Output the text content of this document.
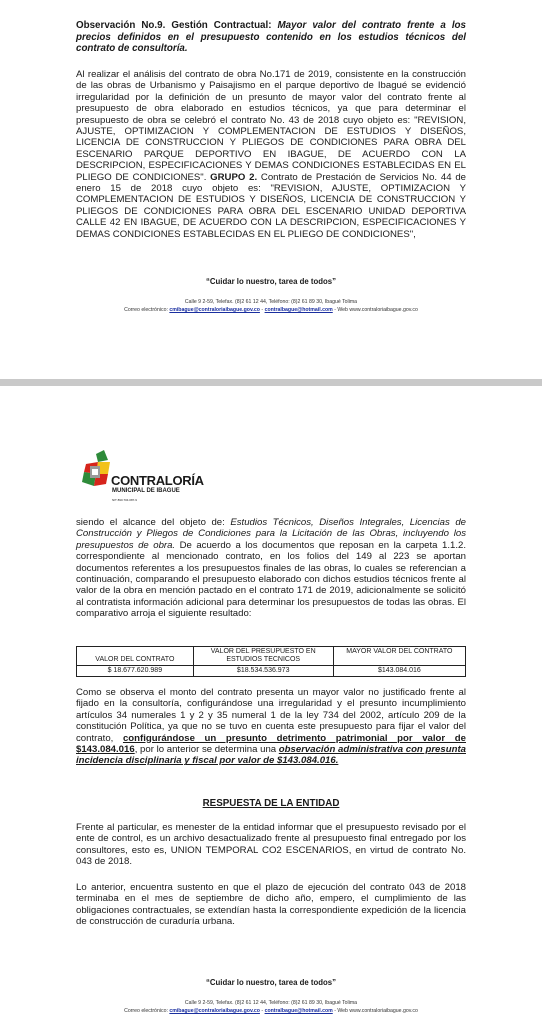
Observación No.9. Gestión Contractual: Mayor valor del contrato frente a los precios definidos en el presupuesto contenido en los estudios técnicos del contrato de consultoría.

Al realizar el análisis del contrato de obra No.171 de 2019, consistente en la construcción de las obras de Urbanismo y Paisajismo en el parque deportivo de Ibagué se evidenció irregularidad por la definición de un presunto de mayor valor del contrato frente al presupuesto de obra elaborado en estudios técnicos, ya que para determinar el presupuesto de obra se celebró el contrato No. 43 de 2018 cuyo objeto es: "REVISION, AJUSTE, OPTIMIZACION Y COMPLEMENTACION DE ESTUDIOS Y DISEÑOS, LICENCIA DE CONSTRUCCION Y PLIEGOS DE CONDICIONES PARA OBRA DEL ESCENARIO PARQUE DEPORTIVO EN IBAGUE, DE ACUERDO CON LA DESCRIPCION, ESPECIFICACIONES Y DEMAS CONDICIONES ESTABLECIDAS EN EL PLIEGO DE CONDICIONES". GRUPO 2. Contrato de Prestación de Servicios No. 44 de enero 15 de 2018 cuyo objeto es: "REVISION, AJUSTE, OPTIMIZACION Y COMPLEMENTACION DE ESTUDIOS Y DISEÑOS, LICENCIA DE CONSTRUCCION Y PLIEGOS DE CONDICIONES PARA OBRA DEL ESCENARIO UNIDAD DEPORTIVA CALLE 42 EN IBAGUE, DE ACUERDO CON LA DESCRIPCION, ESPECIFICACIONES Y DEMAS CONDICIONES ESTABLECIDAS EN EL PLIEGO DE CONDICIONES",

“Cuidar lo nuestro, tarea de todos”
Calle 9 2-59, Telefax. (8)2 61 12 44, Teléfono: (8)2 61 89 30, Ibagué Tolima
Correo electrónico: cmibague@contraloriaibague.gov.co - contralbague@hotmail.com - Web www.contraloriaibague.gov.co
CONTRALORÍA
MUNICIPAL DE IBAGUE
NIT 890.704.087-9

siendo el alcance del objeto de: Estudios Técnicos, Diseños Integrales, Licencias de Construcción y Pliegos de Condiciones para la Licitación de las Obras, incluyendo los presupuestos de obra. De acuerdo a los documentos que reposan en la carpeta 1.1.2. correspondiente al mencionado contrato, en los folios del 149 al 223 se aportan documentos referentes a los presupuestos finales de las obras, lo cuales se referencian a continuación, comparando el presupuesto elaborado con dichos estudios técnicos frente al valor de la obra en mención pactado en el contrato 171 de 2019, adicionalmente se solicitó al contratista información adicional para determinar los presupuestos de todas las obras. El comparativo arroja el siguiente resultado:

VALOR DEL CONTRATO	VALOR DEL PRESUPUESTO EN ESTUDIOS TECNICOS	MAYOR VALOR DEL CONTRATO
$ 18.677.620.989	$18.534.536.973	$143.084.016

Como se observa el monto del contrato presenta un mayor valor no justificado frente al fijado en la consultoría, configurándose una irregularidad y el presunto incumplimiento artículos 34 numerales 1 y 2 y 35 numeral 1 de la ley 734 del 2002, artículo 209 de la constitución Política, ya que no se tuvo en cuenta este presupuesto para fijar el valor del contrato, configurándose un presunto detrimento patrimonial por valor de $143.084.016, por lo anterior se determina una observación administrativa con presunta incidencia disciplinaria y fiscal por valor de $143.084.016.

RESPUESTA DE LA ENTIDAD

Frente al particular, es menester de la entidad informar que el presupuesto revisado por el ente de control, es un archivo desactualizado frente al presupuesto final entregado por los consultores, esto es, UNION TEMPORAL CO2 ESCENARIOS, en virtud de contrato No. 043 de 2018.

Lo anterior, encuentra sustento en que el plazo de ejecución del contrato 043 de 2018 terminaba en el mes de septiembre de dicho año, empero, el cumplimiento de las obligaciones contractuales, se extendían hasta la correspondiente expedición de la licencia de construcción de curaduría urbana.

“Cuidar lo nuestro, tarea de todos”
Calle 9 2-59, Telefax. (8)2 61 12 44, Teléfono: (8)2 61 89 30, Ibagué Tolima
Correo electrónico: cmibague@contraloriaibague.gov.co - contralbague@hotmail.com - Web www.contraloriaibague.gov.co
